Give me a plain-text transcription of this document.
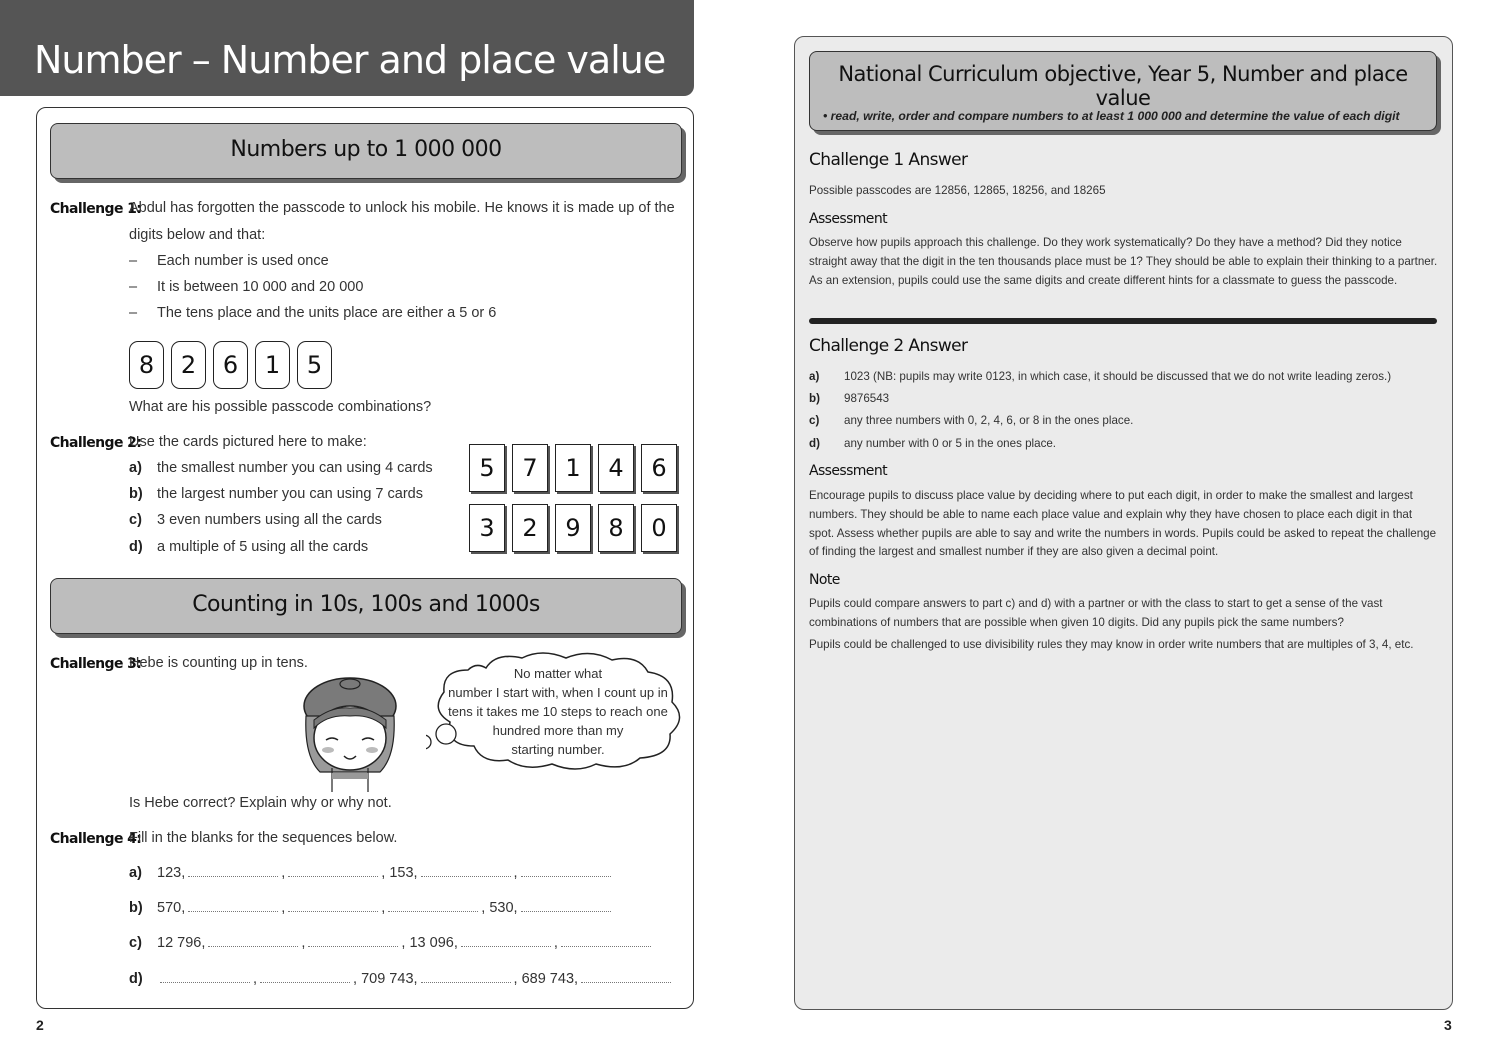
Number – Number and place value
Numbers up to 1 000 000
Challenge 1:
Abdul has forgotten the passcode to unlock his mobile. He knows it is made up of the
digits below and that:
– Each number is used once
– It is between 10 000 and 20 000
– The tens place and the units place are either a 5 or 6
8	2	6	1	5
What are his possible passcode combinations?
Challenge 2:
Use the cards pictured here to make:
a) the smallest number you can using 4 cards
b) the largest number you can using 7 cards
c) 3 even numbers using all the cards
d) a multiple of 5 using all the cards
5	7	1	4	6
3	2	9	8	0
Counting in 10s, 100s and 1000s
Challenge 3:
Hebe is counting up in tens.
No matter what
number I start with, when I count up in
tens it takes me 10 steps to reach one
hundred more than my
starting number.
Is Hebe correct? Explain why or why not.
Challenge 4:
Fill in the blanks for the sequences below.
a) 123,	,	, 153,	,
b) 570,	,	,	, 530,
c) 12 796,	,	, 13 096,	,
d)	,	, 709 743,	, 689 743,
2
National Curriculum objective, Year 5, Number and place value
• read, write, order and compare numbers to at least 1 000 000 and determine the value of each digit
Challenge 1 Answer
Possible passcodes are 12856, 12865, 18256, and 18265
Assessment
Observe how pupils approach this challenge. Do they work systematically? Do they have a method? Did they notice straight away that the digit in the ten thousands place must be 1? They should be able to explain their thinking to a partner. As an extension, pupils could use the same digits and create different hints for a classmate to guess the passcode.
Challenge 2 Answer
a) 1023 (NB: pupils may write 0123, in which case, it should be discussed that we do not write leading zeros.)
b) 9876543
c) any three numbers with 0, 2, 4, 6, or 8 in the ones place.
d) any number with 0 or 5 in the ones place.
Assessment
Encourage pupils to discuss place value by deciding where to put each digit, in order to make the smallest and largest numbers. They should be able to name each place value and explain why they have chosen to place each digit in that spot. Assess whether pupils are able to say and write the numbers in words. Pupils could be asked to repeat the challenge of finding the largest and smallest number if they are also given a decimal point.
Note
Pupils could compare answers to part c) and d) with a partner or with the class to start to get a sense of the vast combinations of numbers that are possible when given 10 digits. Did any pupils pick the same numbers?
Pupils could be challenged to use divisibility rules they may know in order write numbers that are multiples of 3, 4, etc.
3
